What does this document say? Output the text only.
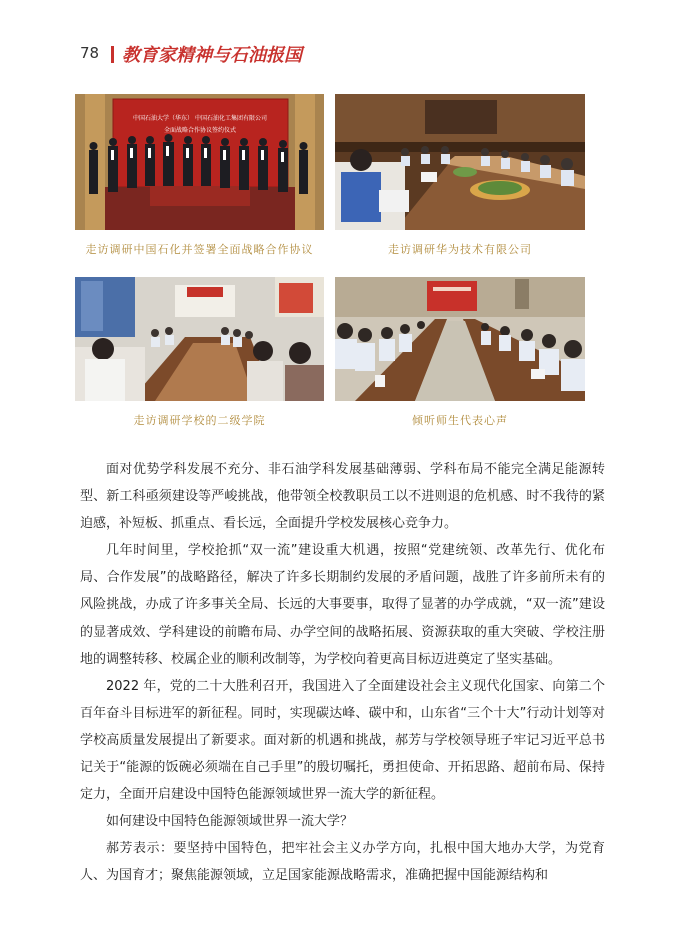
78 教育家精神与石油报国
中国石油大学（华东） 中国石油化工集团有限公司
全面战略合作协议签约仪式
走访调研中国石化并签署全面战略合作协议	走访调研华为技术有限公司
走访调研学校的二级学院	倾听师生代表心声

面对优势学科发展不充分、非石油学科发展基础薄弱、学科布局不能完全满足能源转型、新工科亟须建设等严峻挑战，他带领全校教职员工以不进则退的危机感、时不我待的紧迫感，补短板、抓重点、看长远，全面提升学校发展核心竞争力。

几年时间里，学校抢抓“双一流”建设重大机遇，按照“党建统领、改革先行、优化布局、合作发展”的战略路径，解决了许多长期制约发展的矛盾问题，战胜了许多前所未有的风险挑战，办成了许多事关全局、长远的大事要事，取得了显著的办学成就，“双一流”建设的显著成效、学科建设的前瞻布局、办学空间的战略拓展、资源获取的重大突破、学校注册地的调整转移、校属企业的顺利改制等，为学校向着更高目标迈进奠定了坚实基础。

2022 年，党的二十大胜利召开，我国进入了全面建设社会主义现代化国家、向第二个百年奋斗目标进军的新征程。同时，实现碳达峰、碳中和，山东省“三个十大”行动计划等对学校高质量发展提出了新要求。面对新的机遇和挑战，郝芳与学校领导班子牢记习近平总书记关于“能源的饭碗必须端在自己手里”的殷切嘱托，勇担使命、开拓思路、超前布局、保持定力，全面开启建设中国特色能源领域世界一流大学的新征程。

如何建设中国特色能源领域世界一流大学？

郝芳表示：要坚持中国特色，把牢社会主义办学方向，扎根中国大地办大学，为党育人、为国育才；聚焦能源领域，立足国家能源战略需求，准确把握中国能源结构和
